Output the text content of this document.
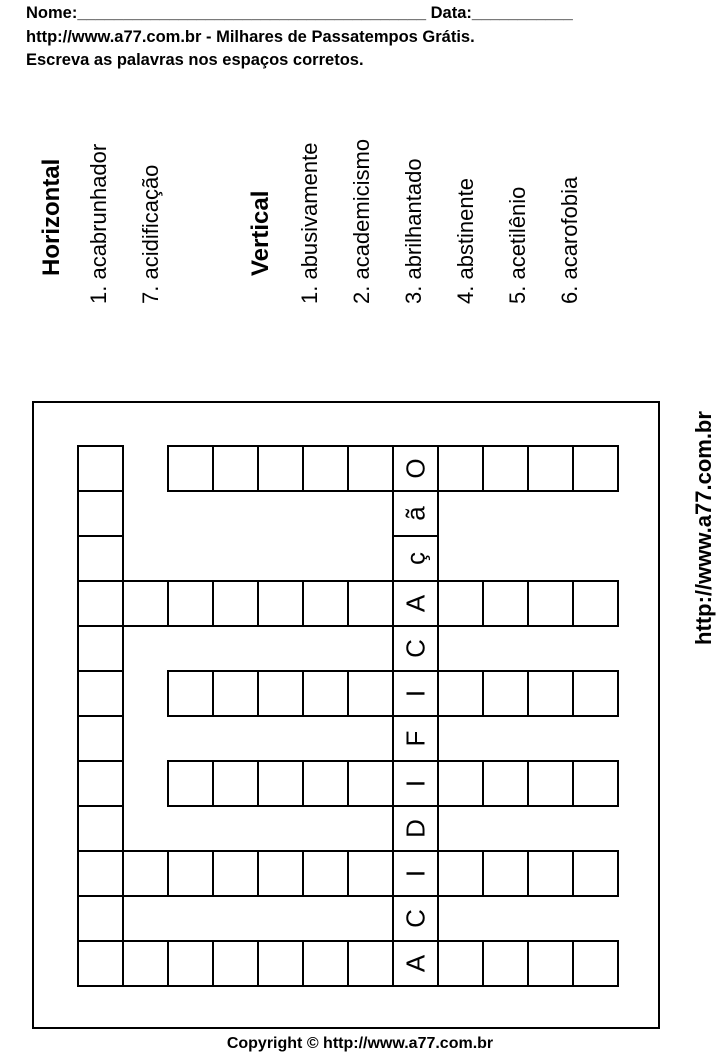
Nome:______________________________________ Data:___________
http://www.a77.com.br - Milhares de Passatempos Grátis.
Escreva as palavras nos espaços corretos.
Horizontal 1. acabrunhador 7. acidificação	Vertical 1. abusivamente 2. academicismo 3. abrilhantado 4. abstinente 5. acetilênio 6. acarofobia
O
ã
ç
A
C
I
F
I
D
I
C
A
http://www.a77.com.br
Copyright © http://www.a77.com.br
